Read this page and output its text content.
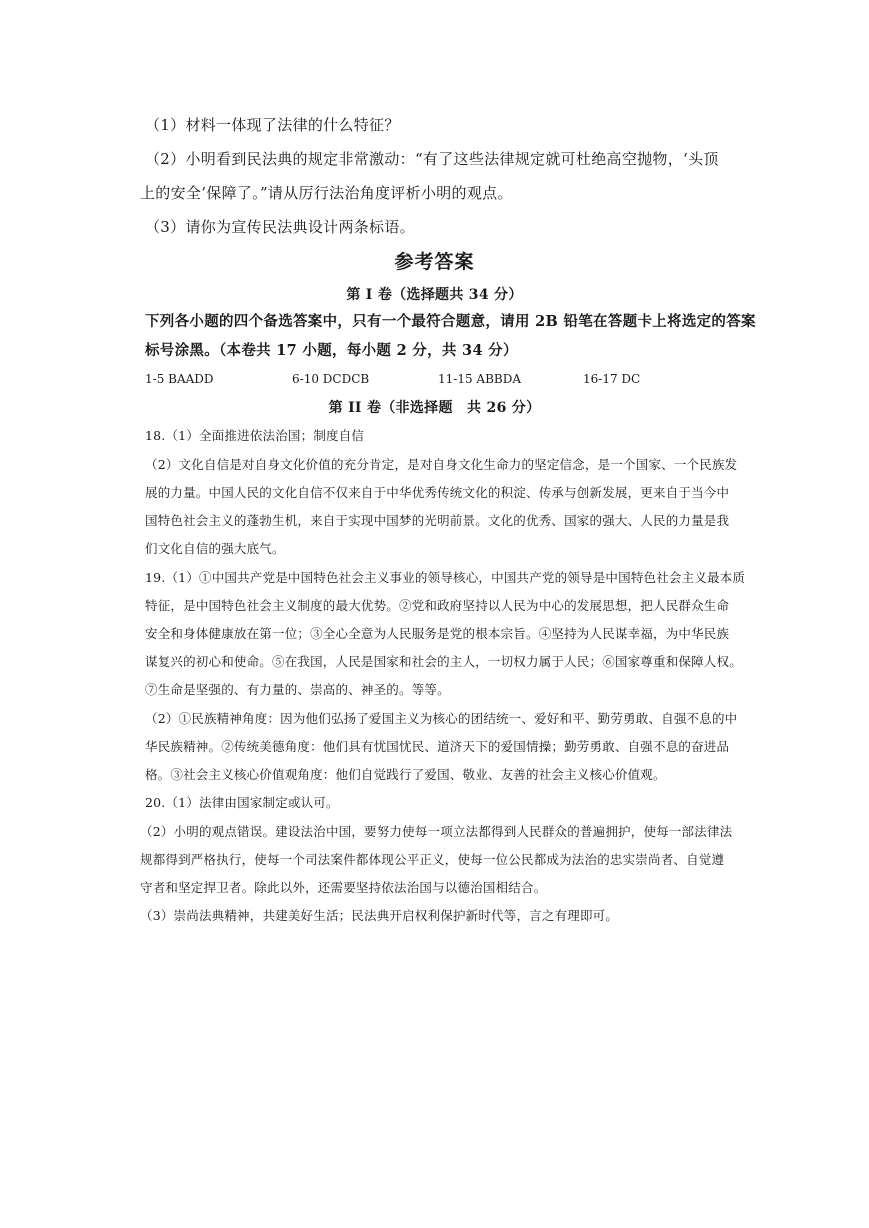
（1）材料一体现了法律的什么特征？
（2）小明看到民法典的规定非常激动：“有了这些法律规定就可杜绝高空抛物，‘头顶
上的安全’保障了。”请从厉行法治角度评析小明的观点。
（3）请你为宣传民法典设计两条标语。
参考答案
第 I 卷（选择题共 34 分）
下列各小题的四个备选答案中，只有一个最符合题意，请用 2B 铅笔在答题卡上将选定的答案
标号涂黑。（本卷共 17 小题，每小题 2 分，共 34 分）
1-5 BAADD	6-10 DCDCB	11-15 ABBDA	16-17 DC
第 II 卷（非选择题　共 26 分）
18.（1）全面推进依法治国；制度自信
（2）文化自信是对自身文化价值的充分肯定，是对自身文化生命力的坚定信念，是一个国家、一个民族发
展的力量。中国人民的文化自信不仅来自于中华优秀传统文化的积淀、传承与创新发展，更来自于当今中
国特色社会主义的蓬勃生机，来自于实现中国梦的光明前景。文化的优秀、国家的强大、人民的力量是我
们文化自信的强大底气。
19.（1）①中国共产党是中国特色社会主义事业的领导核心，中国共产党的领导是中国特色社会主义最本质
特征，是中国特色社会主义制度的最大优势。②党和政府坚持以人民为中心的发展思想，把人民群众生命
安全和身体健康放在第一位；③全心全意为人民服务是党的根本宗旨。④坚持为人民谋幸福，为中华民族
谋复兴的初心和使命。⑤在我国，人民是国家和社会的主人，一切权力属于人民；⑥国家尊重和保障人权。
⑦生命是坚强的、有力量的、崇高的、神圣的。等等。
（2）①民族精神角度：因为他们弘扬了爱国主义为核心的团结统一、爱好和平、勤劳勇敢、自强不息的中
华民族精神。②传统美德角度：他们具有忧国忧民、道济天下的爱国情操；勤劳勇敢、自强不息的奋进品
格。③社会主义核心价值观角度：他们自觉践行了爱国、敬业、友善的社会主义核心价值观。
20.（1）法律由国家制定或认可。
（2）小明的观点错误。建设法治中国，要努力使每一项立法都得到人民群众的普遍拥护，使每一部法律法
规都得到严格执行，使每一个司法案件都体现公平正义，使每一位公民都成为法治的忠实崇尚者、自觉遵
守者和坚定捍卫者。除此以外，还需要坚持依法治国与以德治国相结合。
（3）崇尚法典精神，共建美好生活；民法典开启权利保护新时代等，言之有理即可。
